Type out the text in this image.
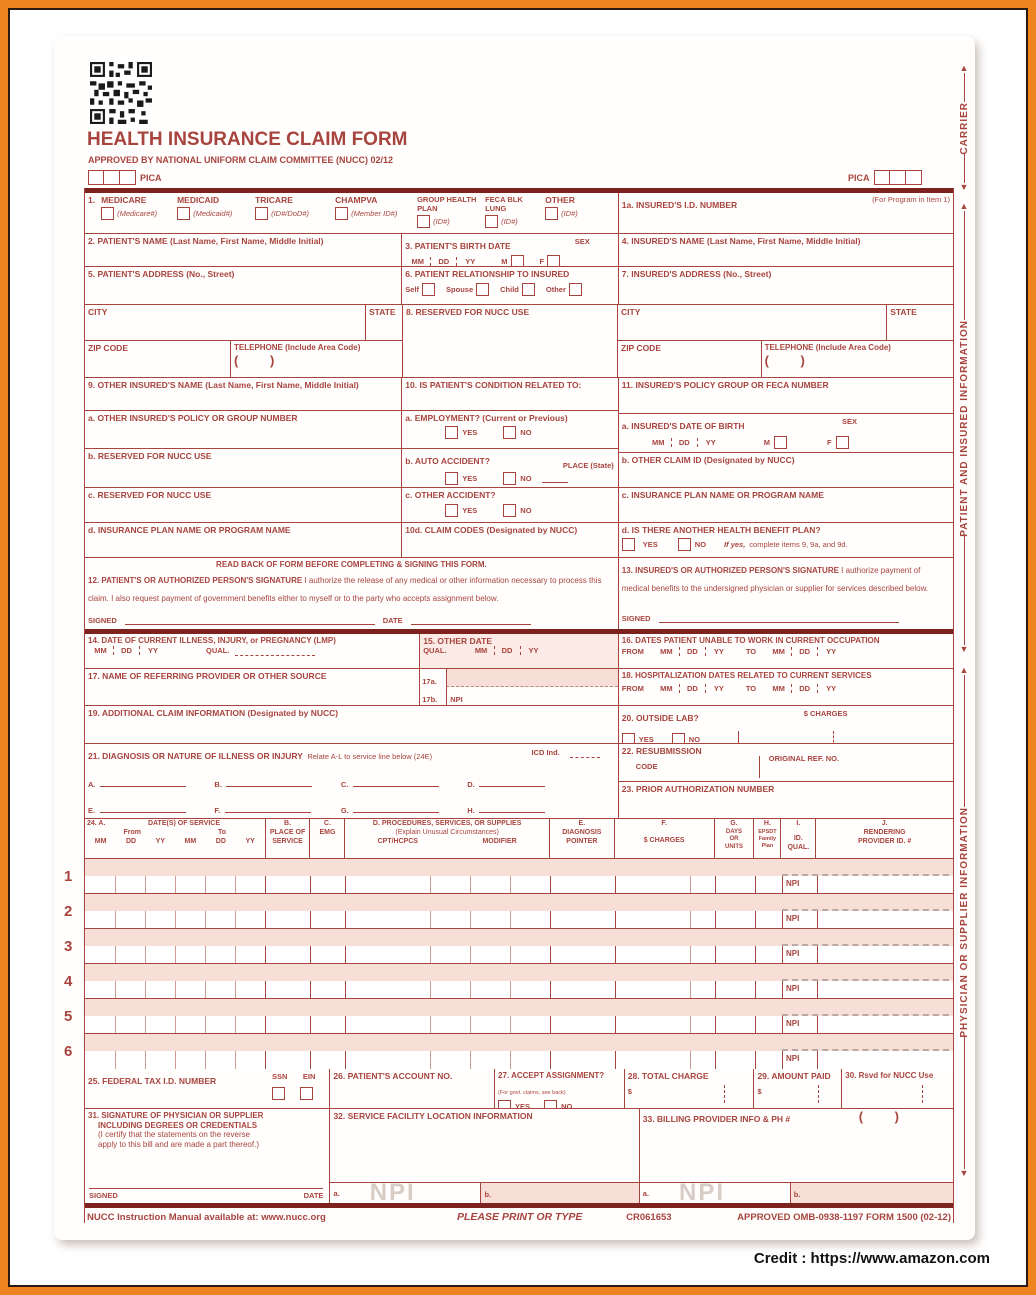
HEALTH INSURANCE CLAIM FORM
APPROVED BY NATIONAL UNIFORM CLAIM COMMITTEE (NUCC) 02/12
PICA	PICA
▲
CARRIER
▼
▲
PATIENT AND INSURED INFORMATION
▼
▲
PHYSICIAN OR SUPPLIER INFORMATION
▼
1. MEDICARE
(Medicare#)
MEDICAID
(Medicaid#)
TRICARE
(ID#/DoD#)
CHAMPVA
(Member ID#)
GROUP HEALTH PLAN
(ID#)
FECA BLK LUNG
(ID#)
OTHER
(ID#)
1a. INSURED'S I.D. NUMBER
(For Program in Item 1)
2. PATIENT'S NAME (Last Name, First Name, Middle Initial)	3. PATIENT'S BIRTH DATE	SEX
MM	DD	YY	M	F
4. INSURED'S NAME (Last Name, First Name, Middle Initial)
5. PATIENT'S ADDRESS (No., Street)	6. PATIENT RELATIONSHIP TO INSURED
Self	Spouse	Child	Other
7. INSURED'S ADDRESS (No., Street)
CITY	STATE
ZIP CODE	TELEPHONE (Include Area Code)
( )
8. RESERVED FOR NUCC USE	CITY	STATE
ZIP CODE	TELEPHONE (Include Area Code)
( )
9. OTHER INSURED'S NAME (Last Name, First Name, Middle Initial)
a. OTHER INSURED'S POLICY OR GROUP NUMBER
b. RESERVED FOR NUCC USE
c. RESERVED FOR NUCC USE
d. INSURANCE PLAN NAME OR PROGRAM NAME
10. IS PATIENT'S CONDITION RELATED TO:
a. EMPLOYMENT? (Current or Previous)
YES	NO
b. AUTO ACCIDENT?	PLACE (State)
YES	NO
c. OTHER ACCIDENT?
YES	NO
10d. CLAIM CODES (Designated by NUCC)
11. INSURED'S POLICY GROUP OR FECA NUMBER
a. INSURED'S DATE OF BIRTH	SEX
MM	DD	YY	M	F
b. OTHER CLAIM ID (Designated by NUCC)
c. INSURANCE PLAN NAME OR PROGRAM NAME
d. IS THERE ANOTHER HEALTH BENEFIT PLAN?
YES	NO If yes, complete items 9, 9a, and 9d.
READ BACK OF FORM BEFORE COMPLETING & SIGNING THIS FORM.
12. PATIENT'S OR AUTHORIZED PERSON'S SIGNATURE I authorize the release of any medical or other information necessary to process this claim. I also request payment of government benefits either to myself or to the party who accepts assignment below.
SIGNED	DATE
13. INSURED'S OR AUTHORIZED PERSON'S SIGNATURE I authorize payment of medical benefits to the undersigned physician or supplier for services described below.
SIGNED
14. DATE OF CURRENT ILLNESS, INJURY, or PREGNANCY (LMP)
MM	DD	YY	QUAL.
15. OTHER DATE
QUAL.	MM	DD	YY
16. DATES PATIENT UNABLE TO WORK IN CURRENT OCCUPATION
FROM	MM	DD	YY	TO	MM	DD	YY
17. NAME OF REFERRING PROVIDER OR OTHER SOURCE
17a.
17b.	NPI
18. HOSPITALIZATION DATES RELATED TO CURRENT SERVICES
FROM	MM	DD	YY	TO	MM	DD	YY
19. ADDITIONAL CLAIM INFORMATION (Designated by NUCC)	20. OUTSIDE LAB?	$ CHARGES
YES	NO
21. DIAGNOSIS OR NATURE OF ILLNESS OR INJURY Relate A-L to service line below (24E)	ICD Ind.
A.	B.	C.	D.
E.	F.	G.	H.
22. RESUBMISSION
CODE
ORIGINAL REF. NO.
23. PRIOR AUTHORIZATION NUMBER
24. A.	DATE(S) OF SERVICE
From	To
MM	DD	YY	MM	DD	YY
B.
PLACE OF
SERVICE
C.
EMG
D. PROCEDURES, SERVICES, OR SUPPLIES
(Explain Unusual Circumstances)
CPT/HCPCS	MODIFIER
E.
DIAGNOSIS
POINTER
F.
$ CHARGES
G.
DAYS
OR
UNITS
H.
EPSDT
Family
Plan
I.
ID.
QUAL.
J.
RENDERING
PROVIDER ID. #
1	NPI
2	NPI
3	NPI
4	NPI
5	NPI
6	NPI
25. FEDERAL TAX I.D. NUMBER	SSN EIN 26. PATIENT'S ACCOUNT NO.	27. ACCEPT ASSIGNMENT?
(For govt. claims, see back)
YES	NO
28. TOTAL CHARGE
$
29. AMOUNT PAID
$
30. Rsvd for NUCC Use
31. SIGNATURE OF PHYSICIAN OR SUPPLIER
INCLUDING DEGREES OR CREDENTIALS
(I certify that the statements on the reverse
apply to this bill and are made a part thereof.)
SIGNED	DATE
32. SERVICE FACILITY LOCATION INFORMATION
a. NPI	b.
33. BILLING PROVIDER INFO & PH #	( )
a. NPI	b.
NUCC Instruction Manual available at: www.nucc.org	PLEASE PRINT OR TYPE	CR061653	APPROVED OMB-0938-1197 FORM 1500 (02-12)
Credit : https://www.amazon.com
